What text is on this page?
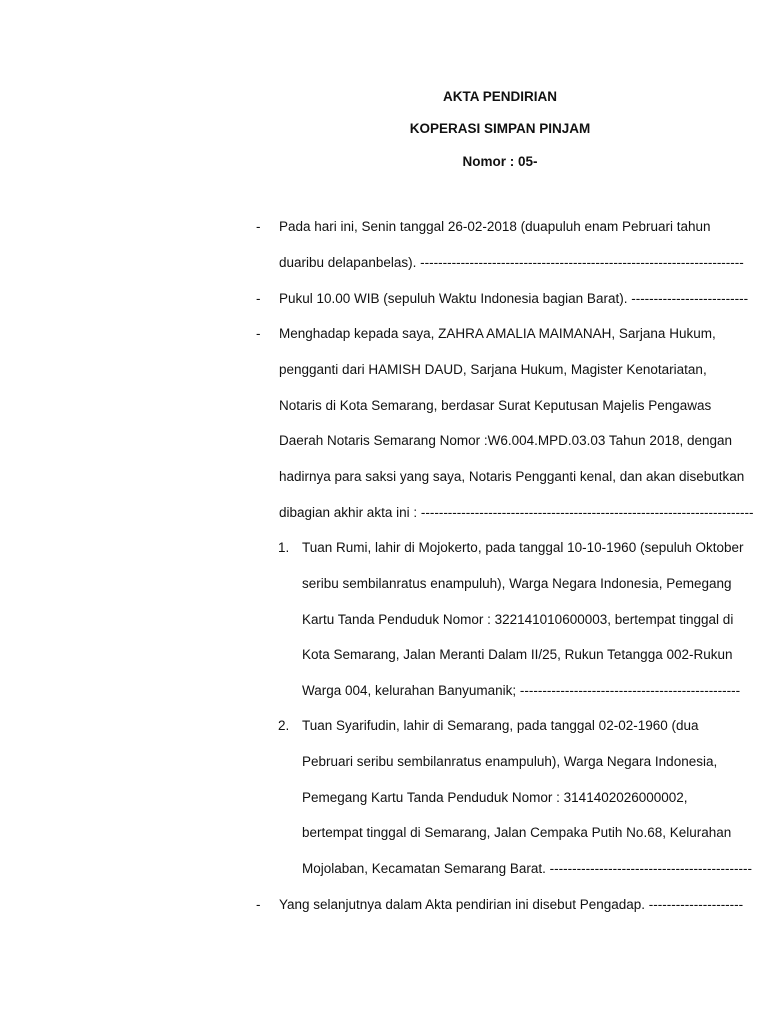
AKTA PENDIRIAN
KOPERASI SIMPAN PINJAM
Nomor : 05-
- Pada hari ini, Senin tanggal 26-02-2018 (duapuluh enam Pebruari tahun
duaribu delapanbelas). ------------------------------------------------------------------------
- Pukul 10.00 WIB (sepuluh Waktu Indonesia bagian Barat). --------------------------
- Menghadap kepada saya, ZAHRA AMALIA MAIMANAH, Sarjana Hukum,
pengganti dari HAMISH DAUD, Sarjana Hukum, Magister Kenotariatan,
Notaris di Kota Semarang, berdasar Surat Keputusan Majelis Pengawas
Daerah Notaris Semarang Nomor :W6.004.MPD.03.03 Tahun 2018, dengan
hadirnya para saksi yang saya, Notaris Pengganti kenal, dan akan disebutkan
dibagian akhir akta ini : --------------------------------------------------------------------------
1. Tuan Rumi, lahir di Mojokerto, pada tanggal 10-10-1960 (sepuluh Oktober
seribu sembilanratus enampuluh), Warga Negara Indonesia, Pemegang
Kartu Tanda Penduduk Nomor : 322141010600003, bertempat tinggal di
Kota Semarang, Jalan Meranti Dalam II/25, Rukun Tetangga 002-Rukun
Warga 004, kelurahan Banyumanik; -------------------------------------------------
2. Tuan Syarifudin, lahir di Semarang, pada tanggal 02-02-1960 (dua
Pebruari seribu sembilanratus enampuluh), Warga Negara Indonesia,
Pemegang Kartu Tanda Penduduk Nomor : 3141402026000002,
bertempat tinggal di Semarang, Jalan Cempaka Putih No.68, Kelurahan
Mojolaban, Kecamatan Semarang Barat. ---------------------------------------------
- Yang selanjutnya dalam Akta pendirian ini disebut Pengadap. ---------------------
